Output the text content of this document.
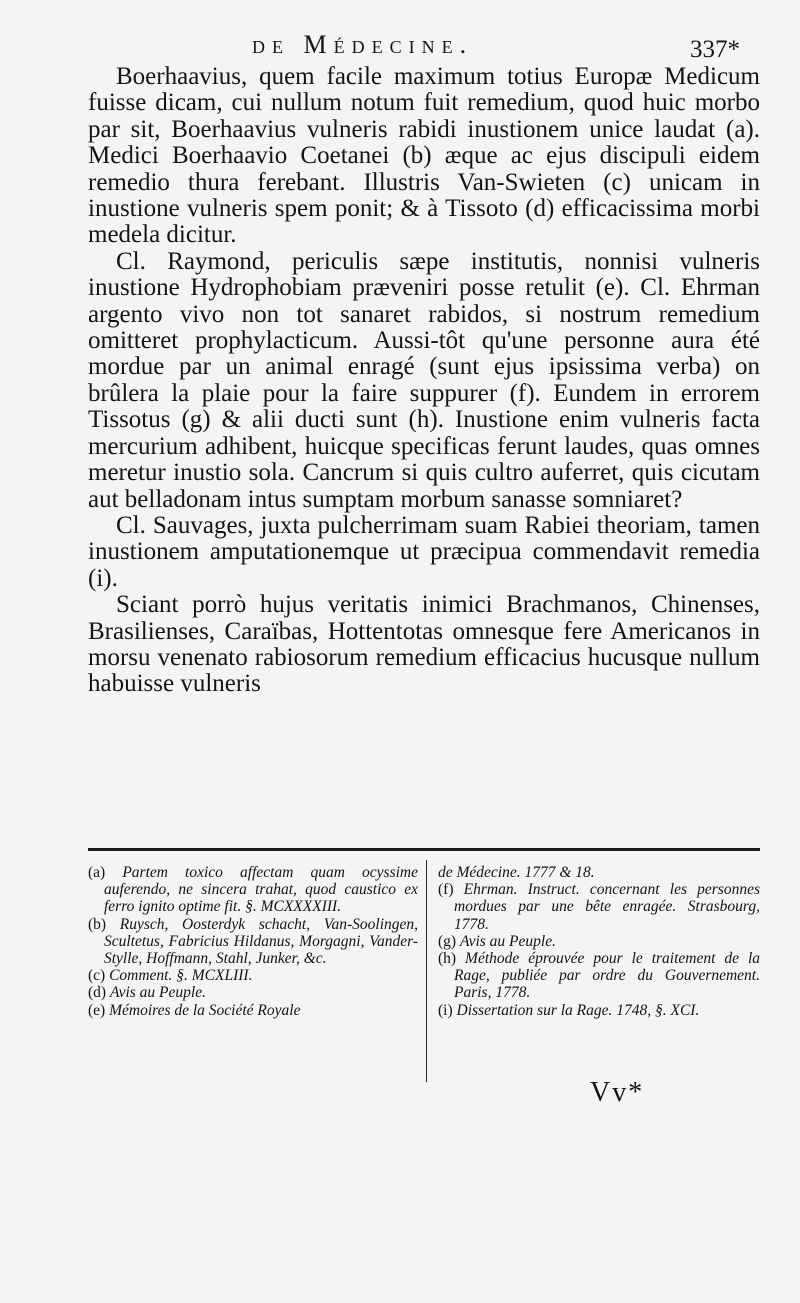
de Médecine.	337*

Boerhaavius, quem facile maximum totius Europæ Medicum fuisse dicam, cui nullum notum fuit remedium, quod huic morbo par sit, Boerhaavius vulneris rabidi inustionem unice laudat (a). Medici Boerhaavio Coetanei (b) æque ac ejus discipuli eidem remedio thura ferebant. Illustris Van-Swieten (c) unicam in inustione vulneris spem ponit; & à Tissoto (d) efficacissima morbi medela dicitur.

Cl. Raymond, periculis sæpe institutis, nonnisi vulneris inustione Hydrophobiam præveniri posse retulit (e). Cl. Ehrman argento vivo non tot sanaret rabidos, si nostrum remedium omitteret prophylacticum. Aussi-tôt qu'une personne aura été mordue par un animal enragé (sunt ejus ipsissima verba) on brûlera la plaie pour la faire suppurer (f). Eundem in errorem Tissotus (g) & alii ducti sunt (h). Inustione enim vulneris facta mercurium adhibent, huicque specificas ferunt laudes, quas omnes meretur inustio sola. Cancrum si quis cultro auferret, quis cicutam aut belladonam intus sumptam morbum sanasse somniaret?

Cl. Sauvages, juxta pulcherrimam suam Rabiei theoriam, tamen inustionem amputationemque ut præcipua commendavit remedia (i).

Sciant porrò hujus veritatis inimici Brachmanos, Chinenses, Brasilienses, Caraïbas, Hottentotas omnesque fere Americanos in morsu venenato rabiosorum remedium efficacius hucusque nullum habuisse vulneris

(a) Partem toxico affectam quam ocyssime auferendo, ne sincera trahat, quod caustico ex ferro ignito optime fit. §. MCXXXXIII.

(b) Ruysch, Oosterdyk schacht, Van-Soolingen, Scultetus, Fabricius Hildanus, Morgagni, Vander-Stylle, Hoffmann, Stahl, Junker, &c.

(c) Comment. §. MCXLIII.

(d) Avis au Peuple.

(e) Mémoires de la Société Royale

de Médecine. 1777 & 18.

(f) Ehrman. Instruct. concernant les personnes mordues par une bête enragée. Strasbourg, 1778.

(g) Avis au Peuple.

(h) Méthode éprouvée pour le traitement de la Rage, publiée par ordre du Gouvernement. Paris, 1778.

(i) Dissertation sur la Rage. 1748, §. XCI.

Vv*
